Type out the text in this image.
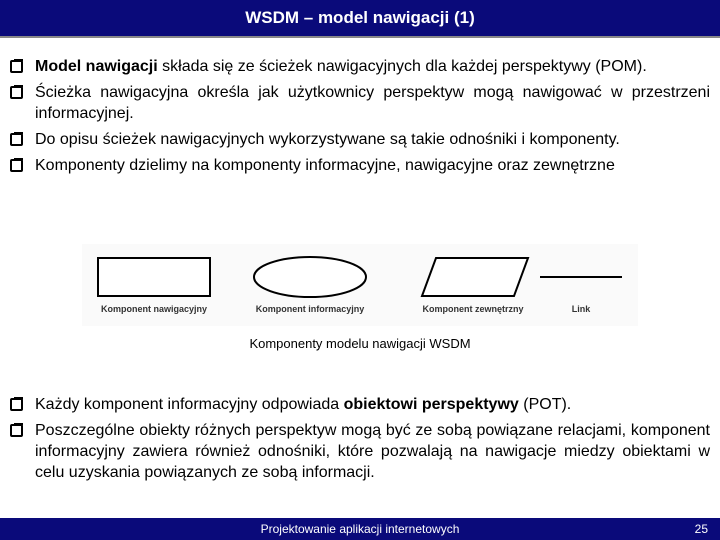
WSDM – model nawigacji (1)
Model nawigacji składa się ze ścieżek nawigacyjnych dla każdej perspektywy (POM).
Ścieżka nawigacyjna określa jak użytkownicy perspektyw mogą nawigować w przestrzeni informacyjnej.
Do opisu ścieżek nawigacyjnych wykorzystywane są takie odnośniki i komponenty.
Komponenty dzielimy na komponenty informacyjne, nawigacyjne oraz zewnętrzne
Komponent nawigacyjny	Komponent informacyjny	Komponent zewnętrzny	Link
Komponenty modelu nawigacji WSDM
Każdy komponent informacyjny odpowiada obiektowi perspektywy (POT).
Poszczególne obiekty różnych perspektyw mogą być ze sobą powiązane relacjami, komponent informacyjny zawiera również odnośniki, które pozwalają na nawigacje miedzy obiektami w celu uzyskania powiązanych ze sobą informacji.
Projektowanie aplikacji internetowych	25
